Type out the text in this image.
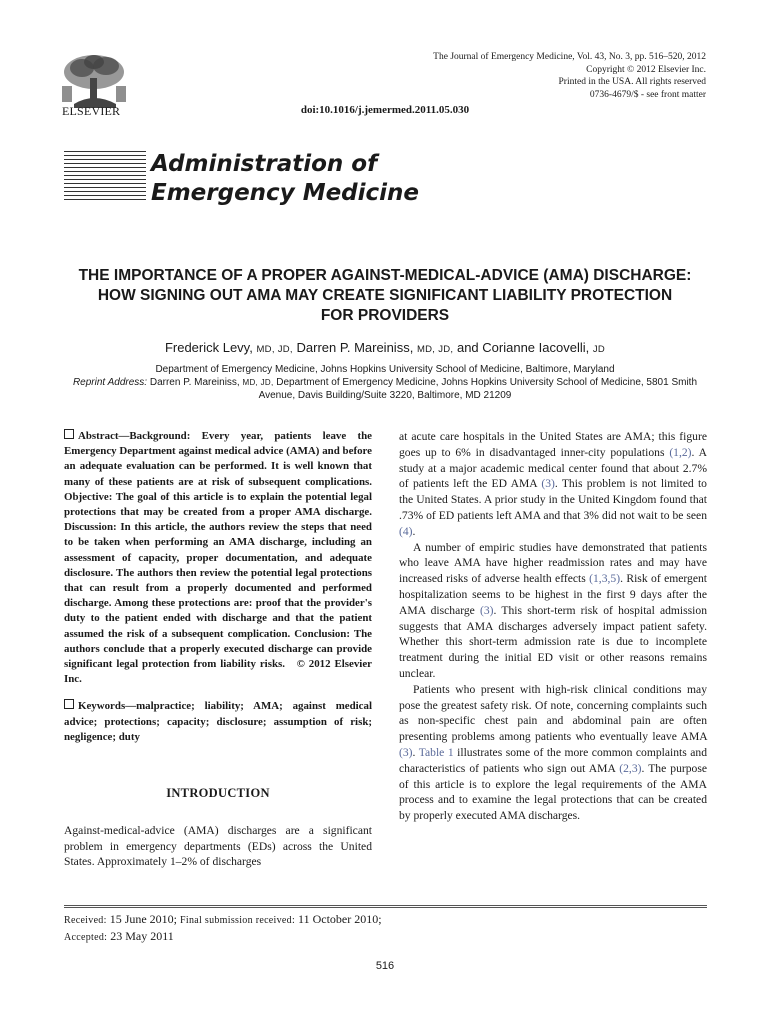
ELSEVIER
The Journal of Emergency Medicine, Vol. 43, No. 3, pp. 516–520, 2012
Copyright © 2012 Elsevier Inc.
Printed in the USA. All rights reserved
0736-4679/$ - see front matter
doi:10.1016/j.jemermed.2011.05.030
Administration of
Emergency Medicine
THE IMPORTANCE OF A PROPER AGAINST-MEDICAL-ADVICE (AMA) DISCHARGE:
HOW SIGNING OUT AMA MAY CREATE SIGNIFICANT LIABILITY PROTECTION
FOR PROVIDERS
Frederick Levy, MD, JD, Darren P. Mareiniss, MD, JD, and Corianne Iacovelli, JD
Department of Emergency Medicine, Johns Hopkins University School of Medicine, Baltimore, Maryland
Reprint Address: Darren P. Mareiniss, MD, JD, Department of Emergency Medicine, Johns Hopkins University School of Medicine, 5801 Smith
Avenue, Davis Building/Suite 3220, Baltimore, MD 21209

Abstract—Background: Every year, patients leave the Emergency Department against medical advice (AMA) and before an adequate evaluation can be performed. It is well known that many of these patients are at risk of subsequent complications. Objective: The goal of this article is to explain the potential legal protections that may be created from a proper AMA discharge. Discussion: In this article, the authors review the steps that need to be taken when performing an AMA discharge, including an assessment of capacity, proper documentation, and adequate disclosure. The authors then review the potential legal protections that can result from a properly documented and performed discharge. Among these protections are: proof that the provider's duty to the patient ended with discharge and that the patient assumed the risk of a subsequent complication. Conclusion: The authors conclude that a properly executed discharge can provide significant legal protection from liability risks. © 2012 Elsevier Inc.

Keywords—malpractice; liability; AMA; against medical advice; protections; capacity; disclosure; assumption of risk; negligence; duty

INTRODUCTION

Against-medical-advice (AMA) discharges are a significant problem in emergency departments (EDs) across the United States. Approximately 1–2% of discharges

at acute care hospitals in the United States are AMA; this figure goes up to 6% in disadvantaged inner-city populations (1,2). A study at a major academic medical center found that about 2.7% of patients left the ED AMA (3). This problem is not limited to the United States. A prior study in the United Kingdom found that .73% of ED patients left AMA and that 3% did not wait to be seen (4).

A number of empiric studies have demonstrated that patients who leave AMA have higher readmission rates and may have increased risks of adverse health effects (1,3,5). Risk of emergent hospitalization seems to be highest in the first 9 days after the AMA discharge (3). This short-term risk of hospital admission suggests that AMA discharges adversely impact patient safety. Whether this short-term admission rate is due to incomplete treatment during the initial ED visit or other reasons remains unclear.

Patients who present with high-risk clinical conditions may pose the greatest safety risk. Of note, concerning complaints such as non-specific chest pain and abdominal pain are often presenting problems among patients who eventually leave AMA (3). Table 1 illustrates some of the more common complaints and characteristics of patients who sign out AMA (2,3). The purpose of this article is to explore the legal requirements of the AMA process and to examine the legal protections that can be created by properly executed AMA discharges.

Received: 15 June 2010; Final submission received: 11 October 2010;
Accepted: 23 May 2011
516
